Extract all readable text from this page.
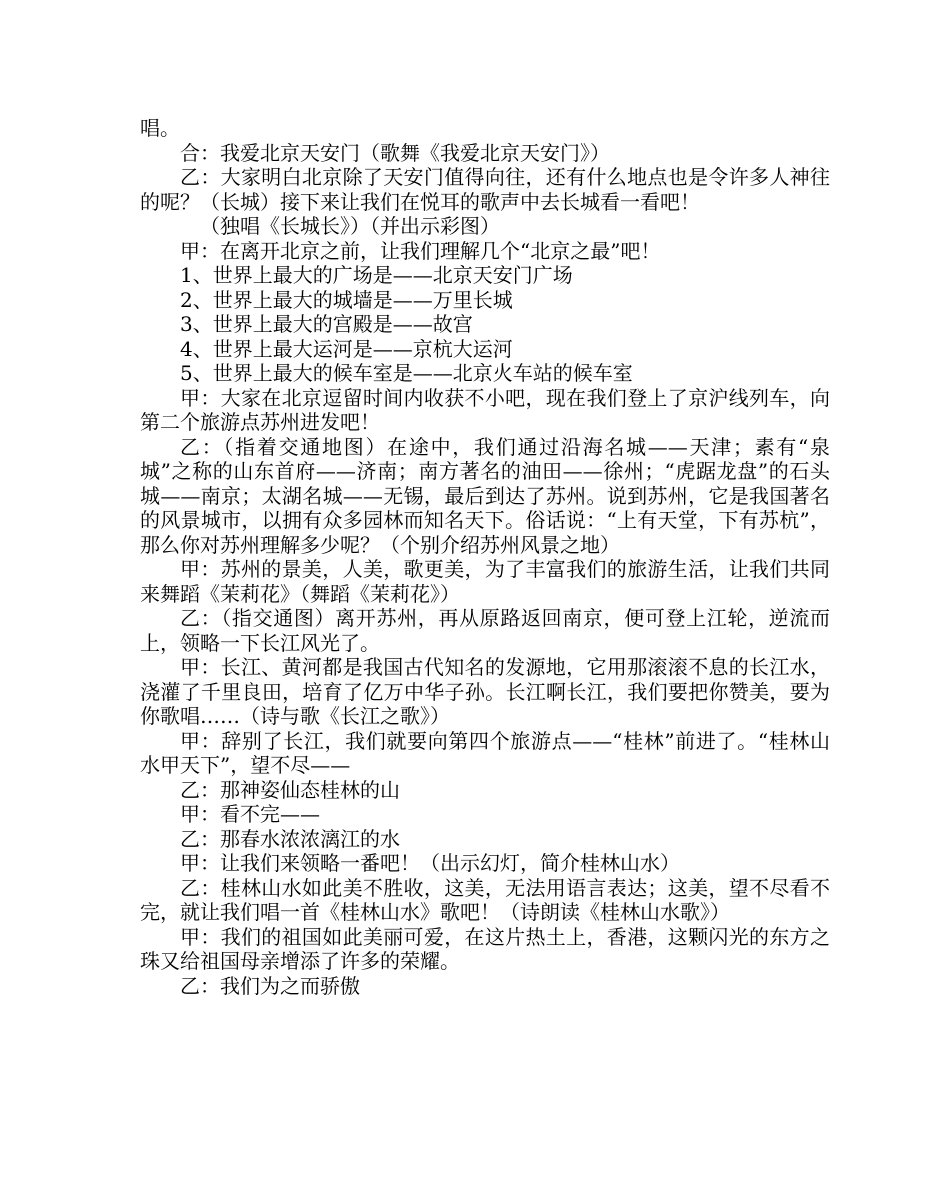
唱。

合：我爱北京天安门（歌舞《我爱北京天安门》）

乙：大家明白北京除了天安门值得向往，还有什么地点也是令许多人神往的呢？（长城）接下来让我们在悦耳的歌声中去长城看一看吧！

（独唱《长城长》）（并出示彩图）

甲：在离开北京之前，让我们理解几个“北京之最”吧！

1、世界上最大的广场是——北京天安门广场

2、世界上最大的城墙是——万里长城

3、世界上最大的宫殿是——故宫

4、世界上最大运河是——京杭大运河

5、世界上最大的候车室是——北京火车站的候车室

甲：大家在北京逗留时间内收获不小吧，现在我们登上了京沪线列车，向第二个旅游点苏州进发吧！

乙：（指着交通地图）在途中，我们通过沿海名城——天津；素有“泉城”之称的山东首府——济南；南方著名的油田——徐州；“虎踞龙盘”的石头城——南京；太湖名城——无锡，最后到达了苏州。说到苏州，它是我国著名的风景城市，以拥有众多园林而知名天下。俗话说：“上有天堂，下有苏杭”，那么你对苏州理解多少呢？（个别介绍苏州风景之地）

甲：苏州的景美，人美，歌更美，为了丰富我们的旅游生活，让我们共同来舞蹈《茉莉花》（舞蹈《茉莉花》）

乙：（指交通图）离开苏州，再从原路返回南京，便可登上江轮，逆流而上，领略一下长江风光了。

甲：长江、黄河都是我国古代知名的发源地，它用那滚滚不息的长江水，浇灌了千里良田，培育了亿万中华子孙。长江啊长江，我们要把你赞美，要为你歌唱……（诗与歌《长江之歌》）

甲：辞别了长江，我们就要向第四个旅游点——“桂林”前进了。“桂林山水甲天下”，望不尽——

乙：那神姿仙态桂林的山

甲：看不完——

乙：那春水浓浓漓江的水

甲：让我们来领略一番吧！（出示幻灯，简介桂林山水）

乙：桂林山水如此美不胜收，这美，无法用语言表达；这美，望不尽看不完，就让我们唱一首《桂林山水》歌吧！（诗朗读《桂林山水歌》）

甲：我们的祖国如此美丽可爱，在这片热土上，香港，这颗闪光的东方之珠又给祖国母亲增添了许多的荣耀。

乙：我们为之而骄傲
